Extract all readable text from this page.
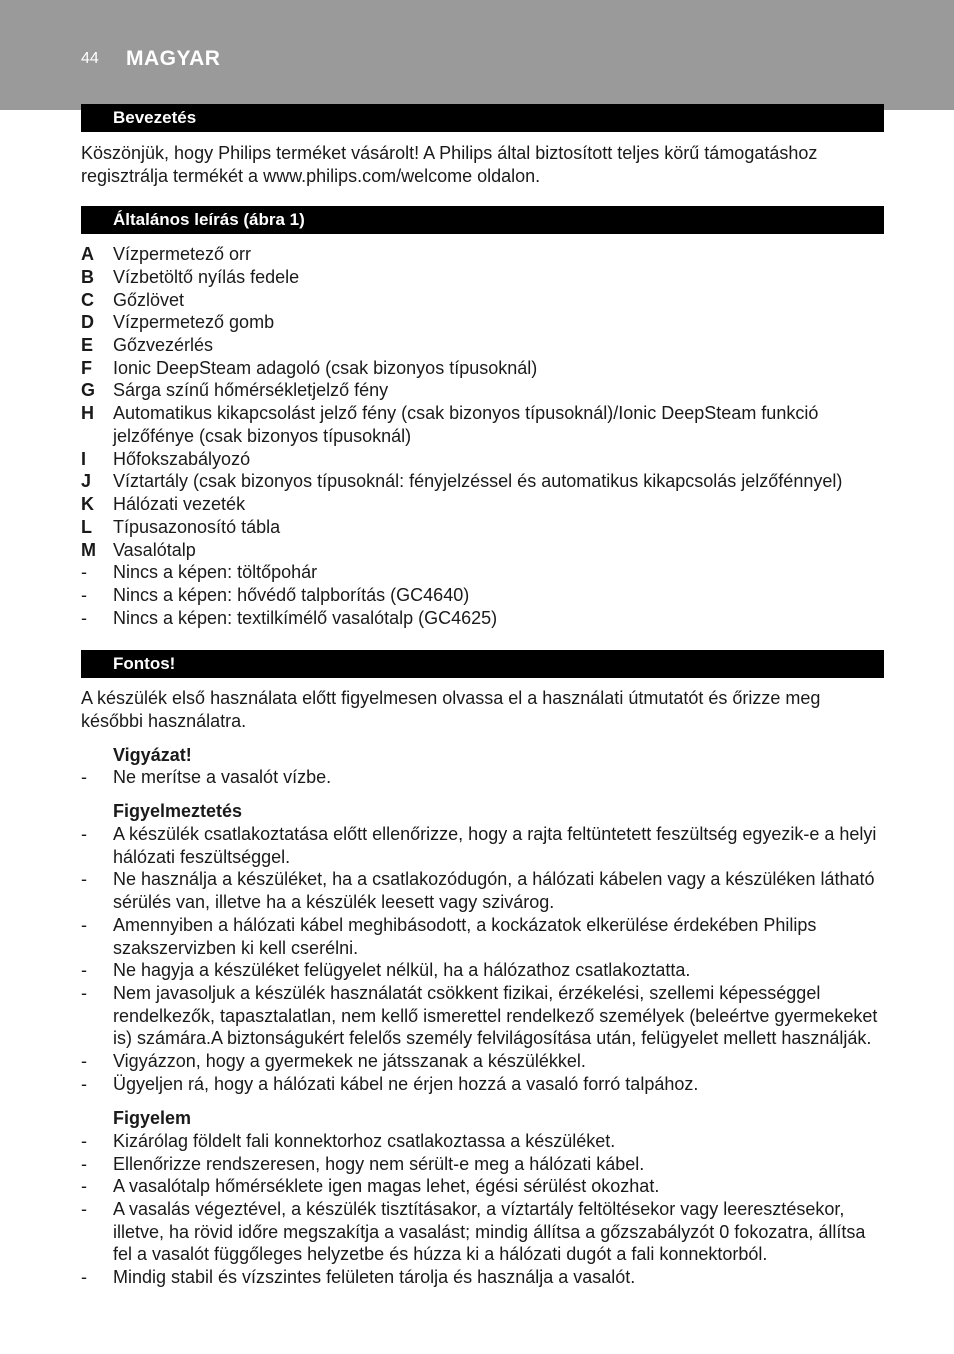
44 MAGYAR
Bevezetés

Köszönjük, hogy Philips terméket vásárolt! A Philips által biztosított teljes körű támogatáshoz regisztrálja termékét a www.philips.com/welcome oldalon.

Általános leírás (ábra 1)
A	Vízpermetező orr
B	Vízbetöltő nyílás fedele
C	Gőzlövet
D	Vízpermetező gomb
E	Gőzvezérlés
F	Ionic DeepSteam adagoló (csak bizonyos típusoknál)
G Sárga színű hőmérsékletjelző fény
H	Automatikus kikapcsolást jelző fény (csak bizonyos típusoknál)/Ionic DeepSteam funkció jelzőfénye (csak bizonyos típusoknál)
I	Hőfokszabályozó
J	Víztartály (csak bizonyos típusoknál: fényjelzéssel és automatikus kikapcsolás jelzőfénnyel)
K	Hálózati vezeték
L	Típusazonosító tábla
M Vasalótalp
-	Nincs a képen: töltőpohár
-	Nincs a képen: hővédő talpborítás (GC4640)
-	Nincs a képen: textilkímélő vasalótalp (GC4625)
Fontos!

A készülék első használata előtt figyelmesen olvassa el a használati útmutatót és őrizze meg későbbi használatra.

Vigyázat!
-	Ne merítse a vasalót vízbe.
Figyelmeztetés
-	A készülék csatlakoztatása előtt ellenőrizze, hogy a rajta feltüntetett feszültség egyezik-e a helyi hálózati feszültséggel.
-	Ne használja a készüléket, ha a csatlakozódugón, a hálózati kábelen vagy a készüléken látható sérülés van, illetve ha a készülék leesett vagy szivárog.
-	Amennyiben a hálózati kábel meghibásodott, a kockázatok elkerülése érdekében Philips szakszervizben ki kell cserélni.
-	Ne hagyja a készüléket felügyelet nélkül, ha a hálózathoz csatlakoztatta.
-	Nem javasoljuk a készülék használatát csökkent fizikai, érzékelési, szellemi képességgel rendelkezők, tapasztalatlan, nem kellő ismerettel rendelkező személyek (beleértve gyermekeket is) számára.A biztonságukért felelős személy felvilágosítása után, felügyelet mellett használják.
-	Vigyázzon, hogy a gyermekek ne játsszanak a készülékkel.
-	Ügyeljen rá, hogy a hálózati kábel ne érjen hozzá a vasaló forró talpához.
Figyelem
-	Kizárólag földelt fali konnektorhoz csatlakoztassa a készüléket.
-	Ellenőrizze rendszeresen, hogy nem sérült-e meg a hálózati kábel.
-	A vasalótalp hőmérséklete igen magas lehet, égési sérülést okozhat.
-	A vasalás végeztével, a készülék tisztításakor, a víztartály feltöltésekor vagy leeresztésekor, illetve, ha rövid időre megszakítja a vasalást; mindig állítsa a gőzszabályzót 0 fokozatra, állítsa fel a vasalót függőleges helyzetbe és húzza ki a hálózati dugót a fali konnektorból.
-	Mindig stabil és vízszintes felületen tárolja és használja a vasalót.
